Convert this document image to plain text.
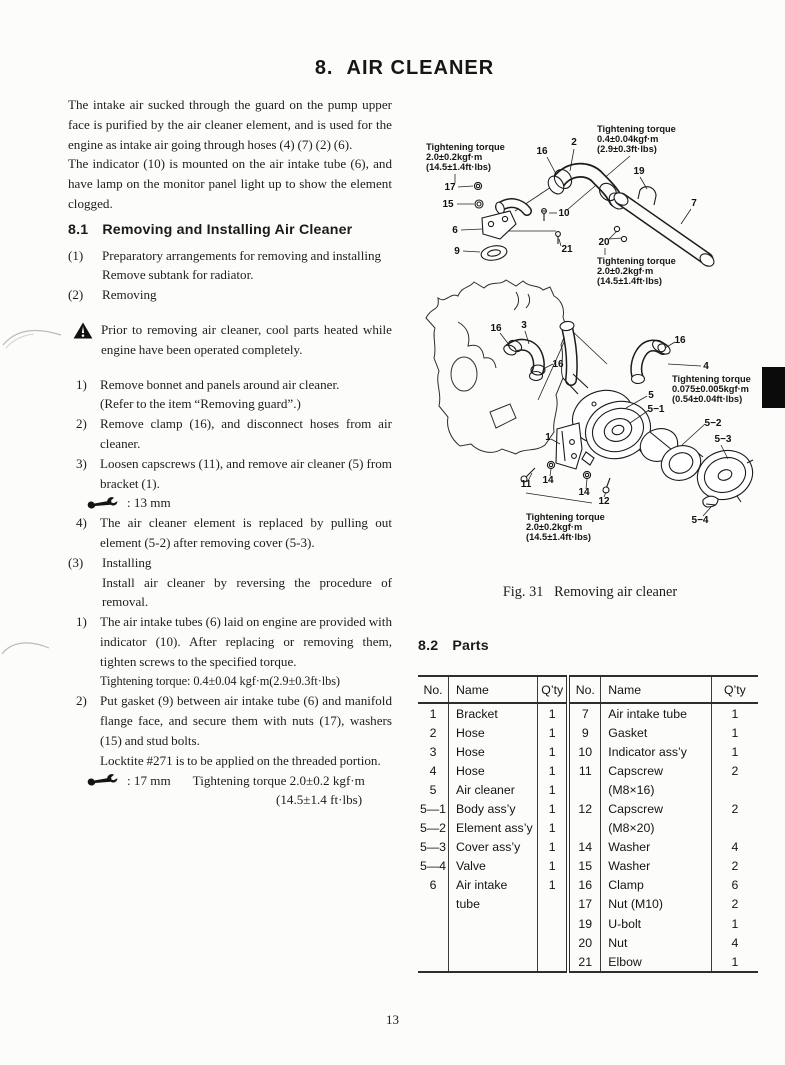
8. AIR CLEANER

The intake air sucked through the guard on the pump upper face is purified by the air cleaner element, and is used for the engine as intake air going through hoses (4) (7) (2) (6).

The indicator (10) is mounted on the air intake tube (6), and have lamp on the monitor panel light up to show the element clogged.

8.1 Removing and Installing Air Cleaner
(1)	Preparatory arrangements for removing and installing

Remove subtank for radiator.

(2)	Removing

Prior to removing air cleaner, cool parts heated while engine have been operated completely.

1) Remove bonnet and panels around air cleaner.

(Refer to the item “Removing guard”.)

2) Remove clamp (16), and disconnect hoses from air cleaner.

3) Loosen capscrews (11), and remove air cleaner (5) from bracket (1).

: 13 mm
4) The air cleaner element is replaced by pulling out element (5-2) after removing cover (5-3).

(3)	Installing

Install air cleaner by reversing the procedure of removal.

1) The air intake tubes (6) laid on engine are provided with indicator (10). After replacing or removing them, tighten screws to the specified torque.

Tightening torque: 0.4±0.04 kgf·m(2.9±0.3ft·lbs)

2) Put gasket (9) between air intake tube (6) and manifold flange face, and secure them with nuts (17), washers (15) and stud bolts.

Locktite #271 is to be applied on the threaded portion.

: 17 mm Tightening torque 2.0±0.2 kgf·m
(14.5±1.4 ft·lbs)
Tightening torque
2.0±0.2kgf·m
(14.5±1.4ft·lbs)
Tightening torque
0.4±0.04kgf·m
(2.9±0.3ft·lbs)
Tightening torque
2.0±0.2kgf·m
(14.5±1.4ft·lbs)
Tightening torque
0.075±0.005kgf·m
(0.54±0.04ft·lbs)
Tightening torque
2.0±0.2kgf·m
(14.5±1.4ft·lbs)
17
15
6
9
16
2
10
21
19
7
20
16 3
16
16
4
5
5−1
5−2
5−3
5−4
1
11 14
14
12
Fig. 31   Removing air cleaner
8.2 Parts
No.	Name	Q’ty	No.	Name	Q’ty
1	Bracket	1	7	Air intake tube	1
2	Hose	1	9	Gasket	1
3	Hose	1	10	Indicator ass’y	1
4	Hose	1	11	Capscrew	2
5	Air cleaner	1		(M8×16)	
5—1	Body ass’y	1	12	Capscrew	2
5—2	Element ass’y	1		(M8×20)	
5—3	Cover ass’y	1	14	Washer	4
5—4	Valve	1	15	Washer	2
6	Air intake	1	16	Clamp	6
	tube		17	Nut (M10)	2
			19	U-bolt	1
			20	Nut	4
			21	Elbow	1
13
